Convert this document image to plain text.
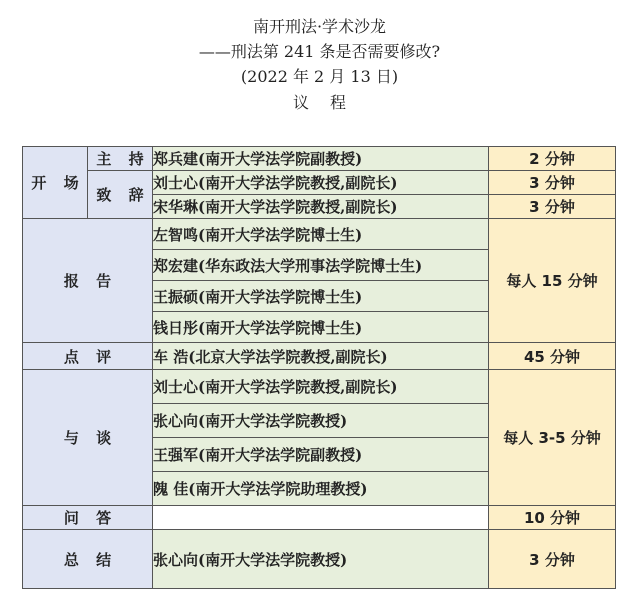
南开刑法·学术沙龙
——刑法第 241 条是否需要修改?
(2022 年 2 月 13 日)
议 程
开 场	主 持	郑兵建(南开大学法学院副教授)	2 分钟
	致 辞	刘士心(南开大学法学院教授,副院长)	3 分钟
		宋华琳(南开大学法学院教授,副院长)	3 分钟
报 告		左智鸣(南开大学法学院博士生)	每人 15 分钟
		郑宏建(华东政法大学刑事法学院博士生)	
		王振硕(南开大学法学院博士生)	
		钱日彤(南开大学法学院博士生)	
点 评		车 浩(北京大学法学院教授,副院长)	45 分钟
与 谈		刘士心(南开大学法学院教授,副院长)	每人 3-5 分钟
		张心向(南开大学法学院教授)	
		王强军(南开大学法学院副教授)	
		隗 佳(南开大学法学院助理教授)	
问 答			10 分钟
总 结		张心向(南开大学法学院教授)	3 分钟
